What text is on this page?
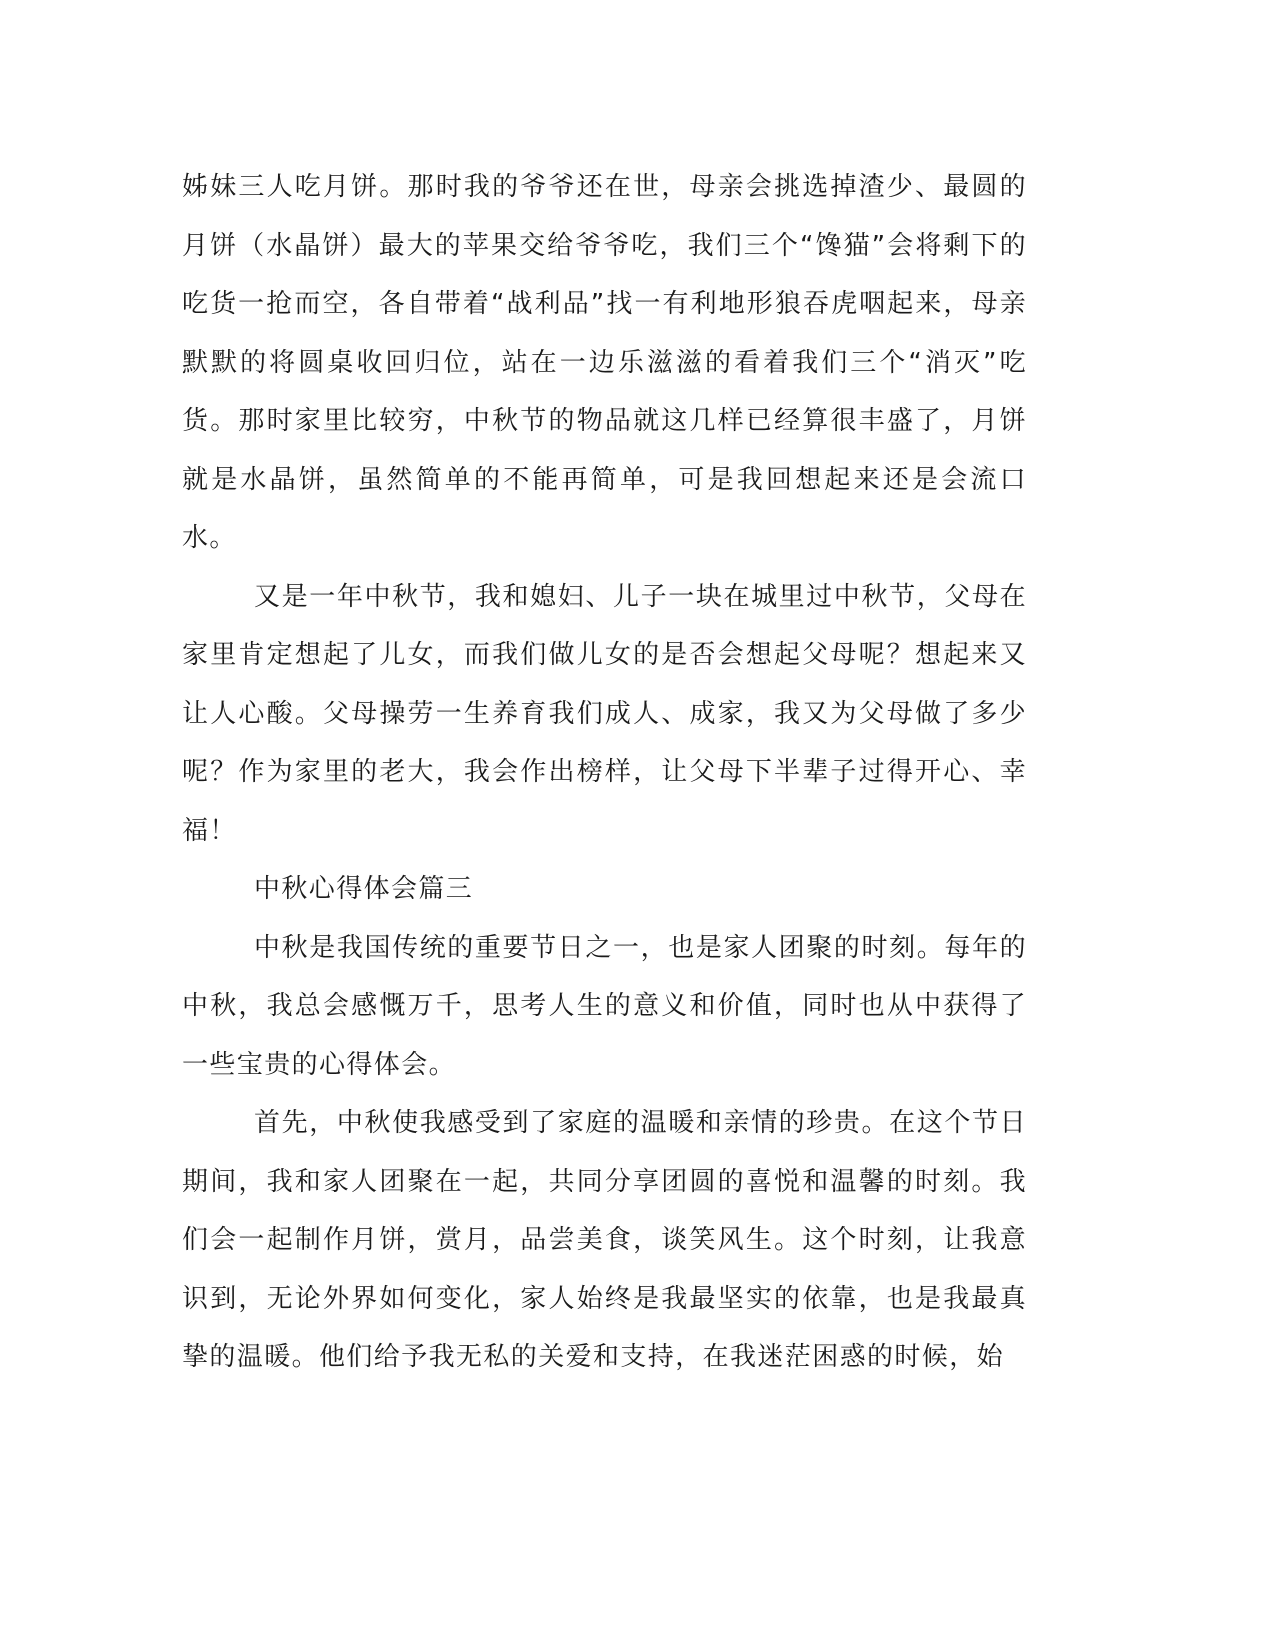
姊妹三人吃月饼。那时我的爷爷还在世，母亲会挑选掉渣少、最圆的月饼（水晶饼）最大的苹果交给爷爷吃，我们三个“馋猫”会将剩下的吃货一抢而空，各自带着“战利品”找一有利地形狼吞虎咽起来，母亲默默的将圆桌收回归位，站在一边乐滋滋的看着我们三个“消灭”吃货。那时家里比较穷，中秋节的物品就这几样已经算很丰盛了，月饼就是水晶饼，虽然简单的不能再简单，可是我回想起来还是会流口水。

又是一年中秋节，我和媳妇、儿子一块在城里过中秋节，父母在家里肯定想起了儿女，而我们做儿女的是否会想起父母呢？想起来又让人心酸。父母操劳一生养育我们成人、成家，我又为父母做了多少呢？作为家里的老大，我会作出榜样，让父母下半辈子过得开心、幸福！

中秋心得体会篇三

中秋是我国传统的重要节日之一，也是家人团聚的时刻。每年的中秋，我总会感慨万千，思考人生的意义和价值，同时也从中获得了一些宝贵的心得体会。

首先，中秋使我感受到了家庭的温暖和亲情的珍贵。在这个节日期间，我和家人团聚在一起，共同分享团圆的喜悦和温馨的时刻。我们会一起制作月饼，赏月，品尝美食，谈笑风生。这个时刻，让我意识到，无论外界如何变化，家人始终是我最坚实的依靠，也是我最真挚的温暖。他们给予我无私的关爱和支持，在我迷茫困惑的时候，始
